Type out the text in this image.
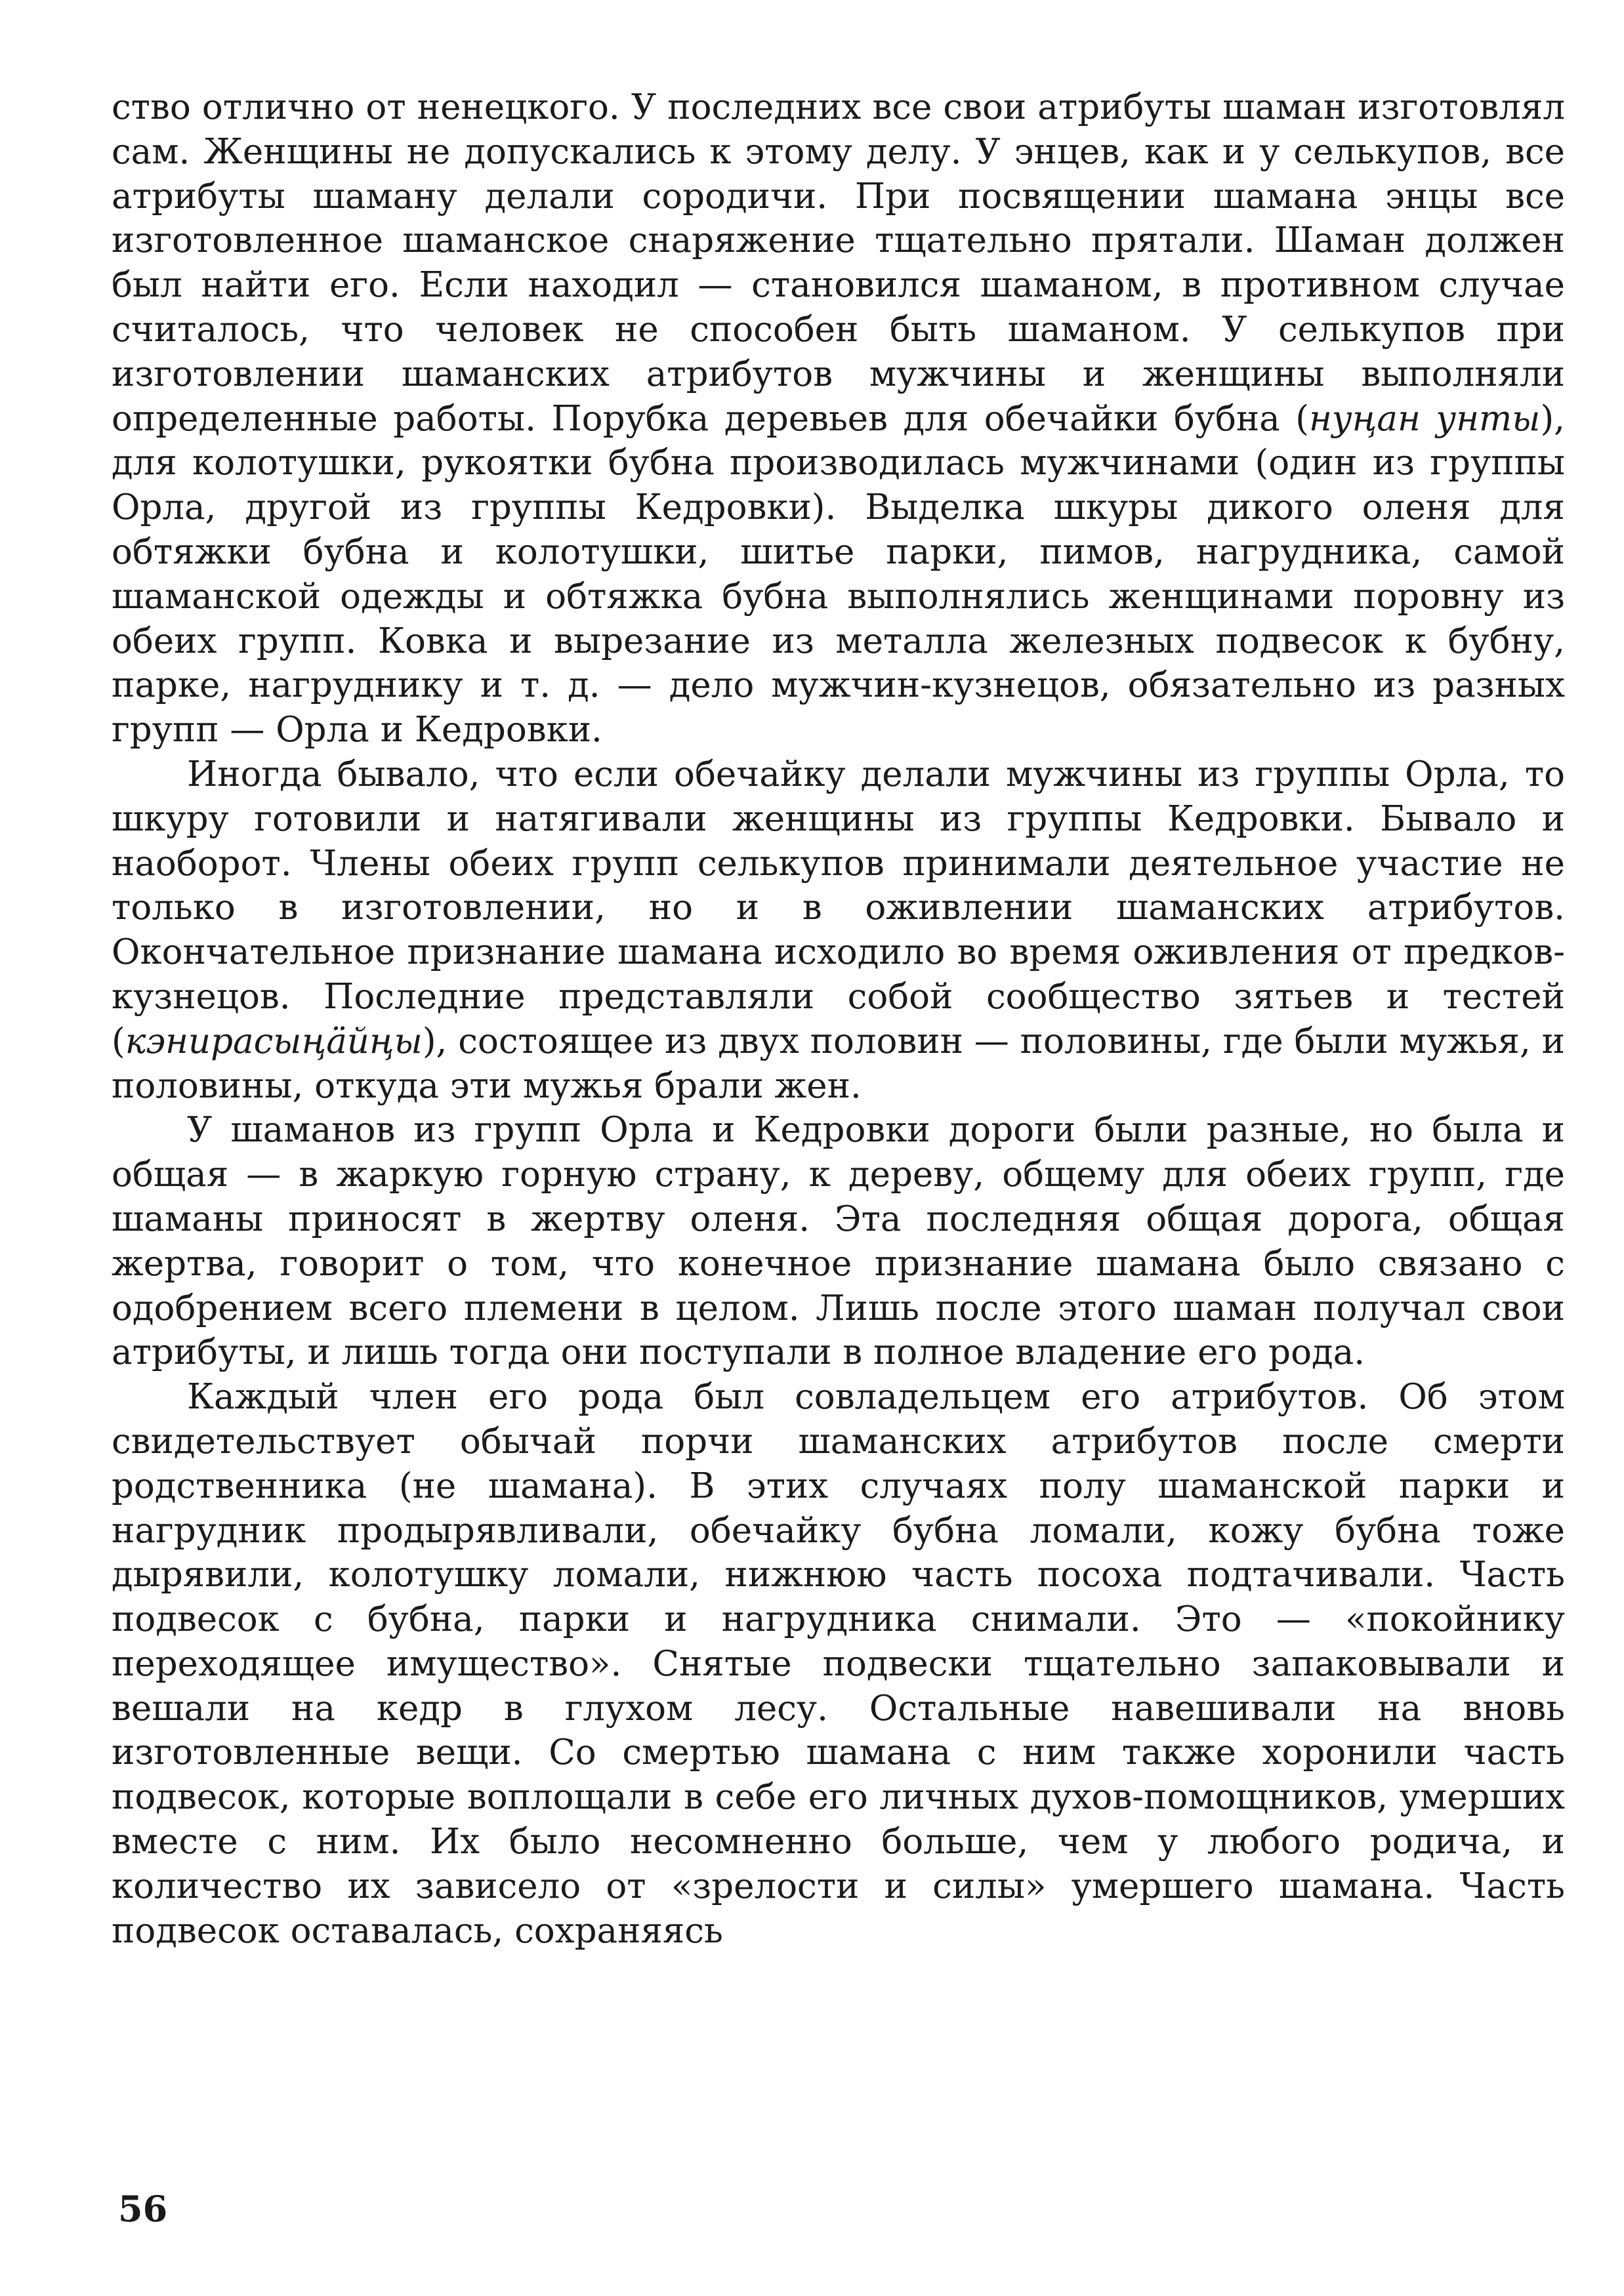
ство отлично от ненецкого. У последних все свои атрибуты шаман изготовлял сам. Женщины не допускались к этому делу. У энцев, как и у селькупов, все атрибуты шаману делали сородичи. При посвящении шамана энцы все изготовленное шаманское снаряжение тщательно прятали. Шаман должен был найти его. Если находил — становился шаманом, в противном случае считалось, что человек не способен быть шаманом. У селькупов при изготовлении шаманских атрибутов мужчины и женщины выполняли определенные работы. Порубка деревьев для обечайки бубна (нуңан унты), для колотушки, рукоятки бубна производилась мужчинами (один из группы Орла, другой из группы Кедровки). Выделка шкуры дикого оленя для обтяжки бубна и колотушки, шитье парки, пимов, нагрудника, самой шаманской одежды и обтяжка бубна выполнялись женщинами поровну из обеих групп. Ковка и вырезание из металла железных подвесок к бубну, парке, нагруднику и т. д. — дело мужчин-кузнецов, обязательно из разных групп — Орла и Кедровки.

Иногда бывало, что если обечайку делали мужчины из группы Орла, то шкуру готовили и натягивали женщины из группы Кедровки. Бывало и наоборот. Члены обеих групп селькупов принимали деятельное участие не только в изготовлении, но и в оживлении шаманских атрибутов. Окончательное признание шамана исходило во время оживления от предков-кузнецов. Последние представляли собой сообщество зятьев и тестей (кэнирасыңӓйңы), состоящее из двух половин — половины, где были мужья, и половины, откуда эти мужья брали жен.

У шаманов из групп Орла и Кедровки дороги были разные, но была и общая — в жаркую горную страну, к дереву, общему для обеих групп, где шаманы приносят в жертву оленя. Эта последняя общая дорога, общая жертва, говорит о том, что конечное признание шамана было связано с одобрением всего племени в целом. Лишь после этого шаман получал свои атрибуты, и лишь тогда они поступали в полное владение его рода.

Каждый член его рода был совладельцем его атрибутов. Об этом свидетельствует обычай порчи шаманских атрибутов после смерти родственника (не шамана). В этих случаях полу шаманской парки и нагрудник продырявливали, обечайку бубна ломали, кожу бубна тоже дырявили, колотушку ломали, нижнюю часть посоха подтачивали. Часть подвесок с бубна, парки и нагрудника снимали. Это — «покойнику переходящее имущество». Снятые подвески тщательно запаковывали и вешали на кедр в глухом лесу. Остальные навешивали на вновь изготовленные вещи. Со смертью шамана с ним также хоронили часть подвесок, которые воплощали в себе его личных духов-помощников, умерших вместе с ним. Их было несомненно больше, чем у любого родича, и количество их зависело от «зрелости и силы» умершего шамана. Часть подвесок оставалась, сохраняясь

56
